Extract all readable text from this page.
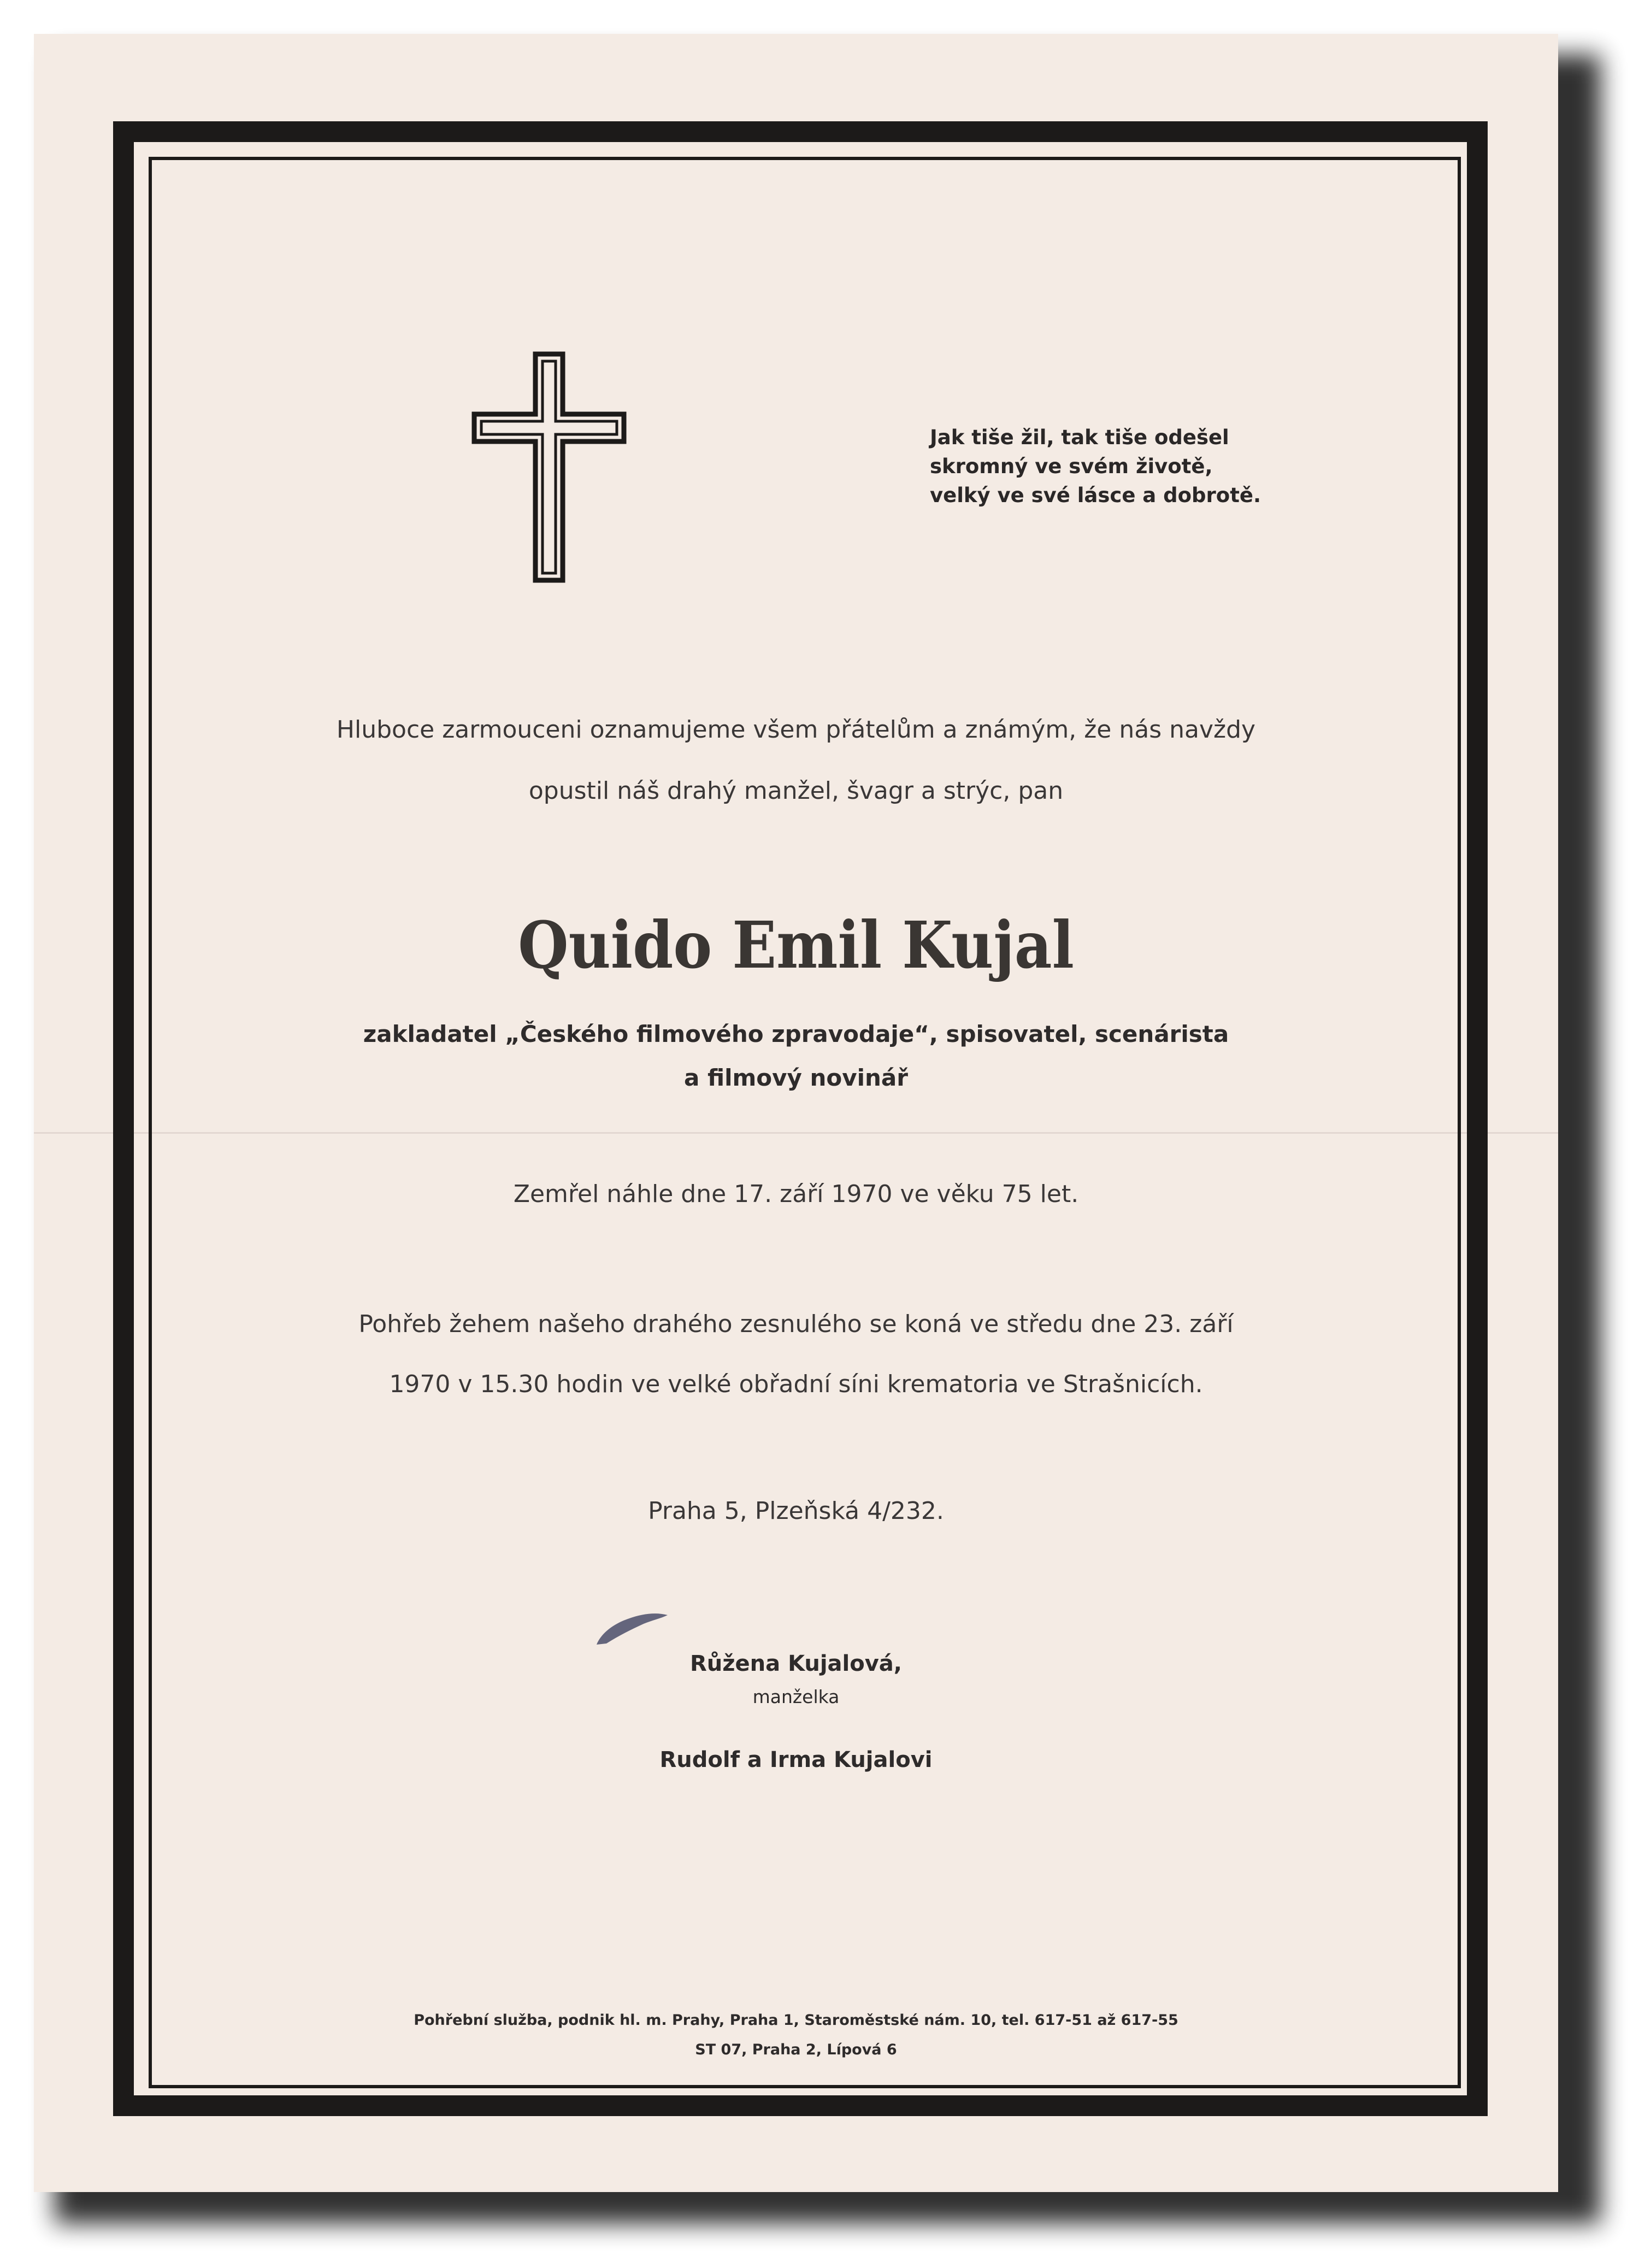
Jak tiše žil, tak tiše odešel
skromný ve svém životě,
velký ve své lásce a dobrotě.
Hluboce zarmouceni oznamujeme všem přátelům a známým, že nás navždy
opustil náš drahý manžel, švagr a strýc, pan
Quido Emil Kujal
zakladatel „Českého filmového zpravodaje“, spisovatel, scenárista
a filmový novinář
Zemřel náhle dne 17. září 1970 ve věku 75 let.
Pohřeb žehem našeho drahého zesnulého se koná ve středu dne 23. září
1970 v 15.30 hodin ve velké obřadní síni krematoria ve Strašnicích.
Praha 5, Plzeňská 4/232.
Růžena Kujalová,
manželka
Rudolf a Irma Kujalovi
Pohřební služba, podnik hl. m. Prahy, Praha 1, Staroměstské nám. 10, tel. 617-51 až 617-55
ST 07, Praha 2, Lípová 6
